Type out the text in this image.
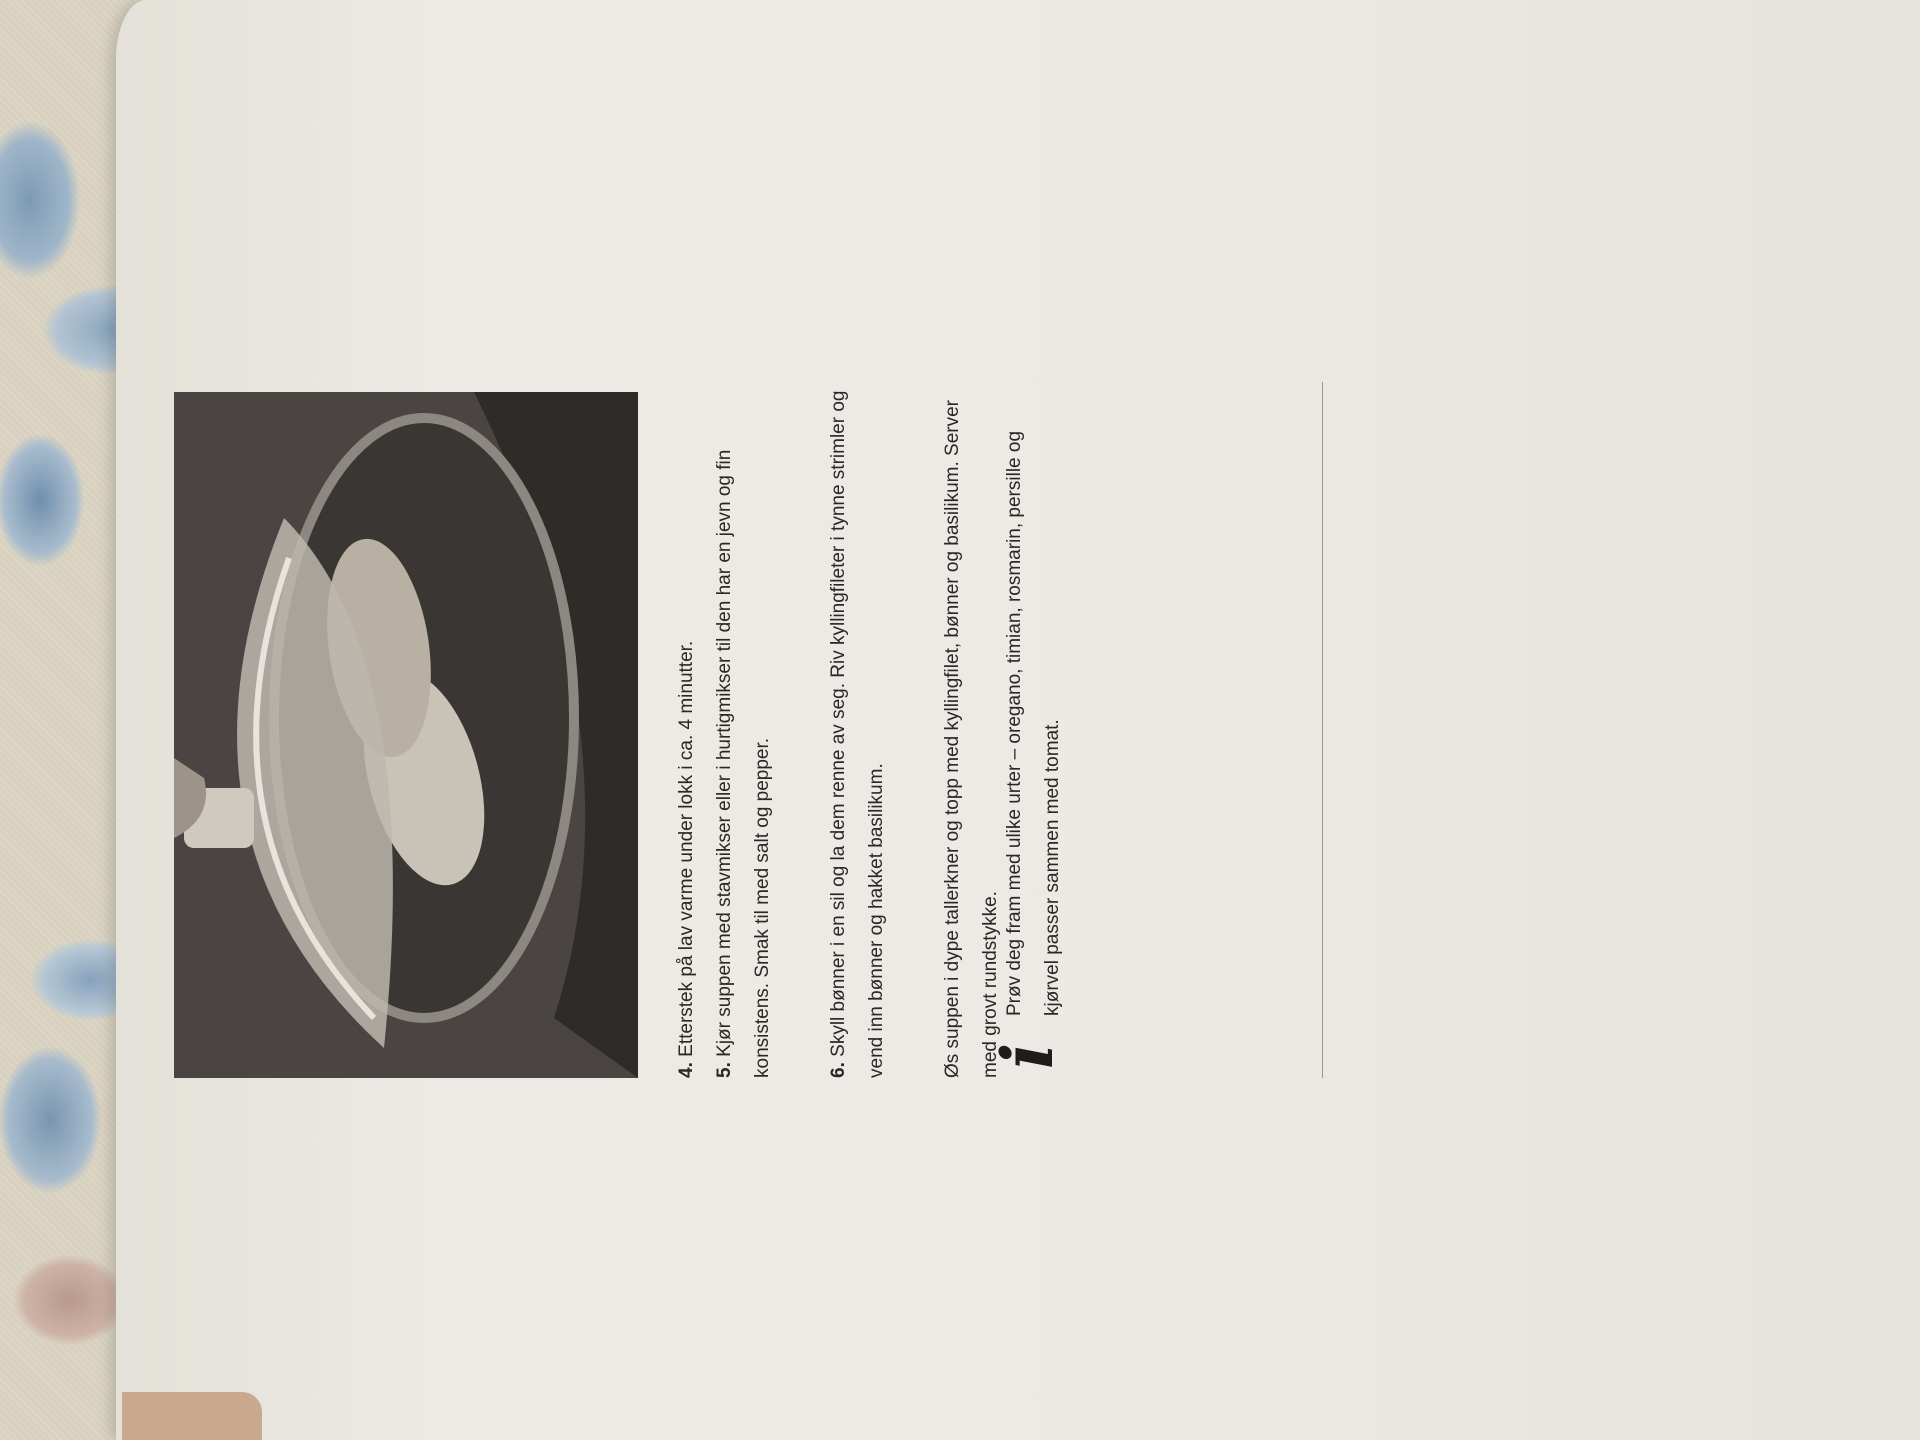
4. Etterstek på lav varme under lokk i ca. 4 minutter.

5. Kjør suppen med stavmikser eller i hurtigmikser til den har en jevn og fin konsistens. Smak til med salt og pepper.	6. Skyll bønner i en sil og la dem renne av seg. Riv kyllingfileter i tynne strimler og vend inn bønner og hakket basilikum.	Øs suppen i dype tallerkner og topp med kyllingfilet, bønner og basilikum. Server med grovt rundstykke.

i
Prøv deg fram med ulike urter – oregano, timian, rosmarin, persille og kjørvel passer sammen med tomat.
